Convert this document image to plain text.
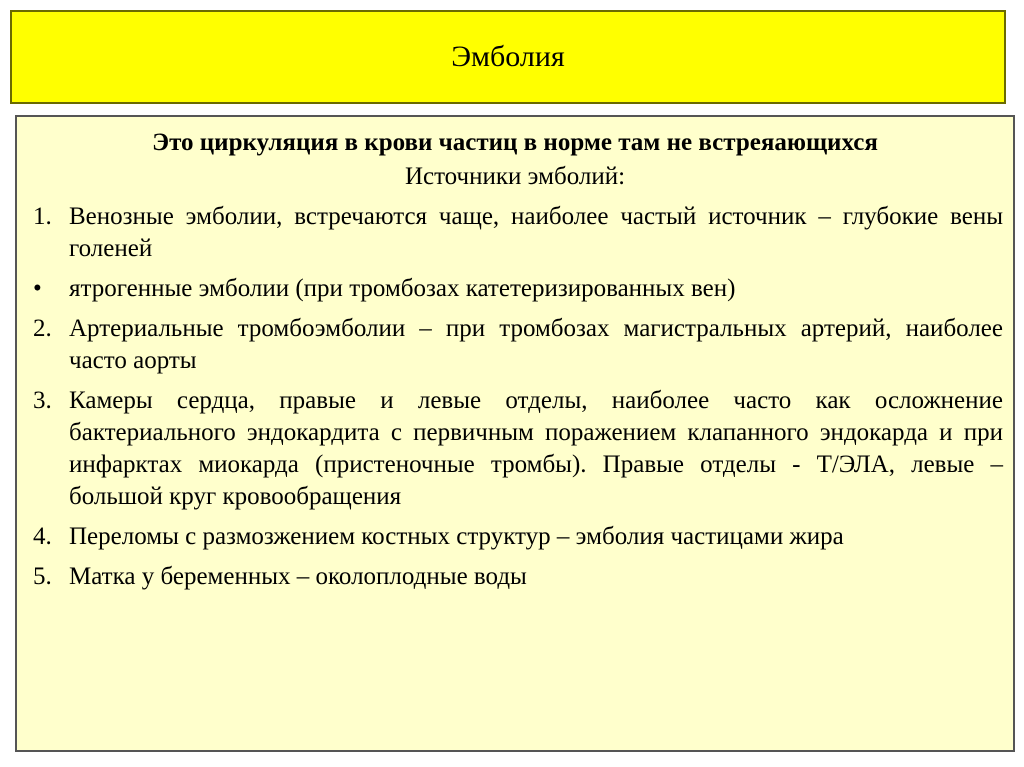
Эмболия

Это циркуляция в крови частиц в норме там не встреяающихся

Источники эмболий:

1. Венозные эмболии, встречаются чаще, наиболее частый источник – глубокие вены голеней
•	ятрогенные эмболии (при тромбозах катетеризированных вен)
2. Артериальные тромбоэмболии – при тромбозах магистральных артерий, наиболее часто аорты
3. Камеры сердца, правые и левые отделы, наиболее часто как осложнение бактериального эндокардита с первичным поражением клапанного эндокарда и при инфарктах миокарда (пристеночные тромбы). Правые отделы - Т/ЭЛА, левые – большой круг кровообращения
4. Переломы с размозжением костных структур – эмболия частицами жира
5. Матка у беременных – околоплодные воды
